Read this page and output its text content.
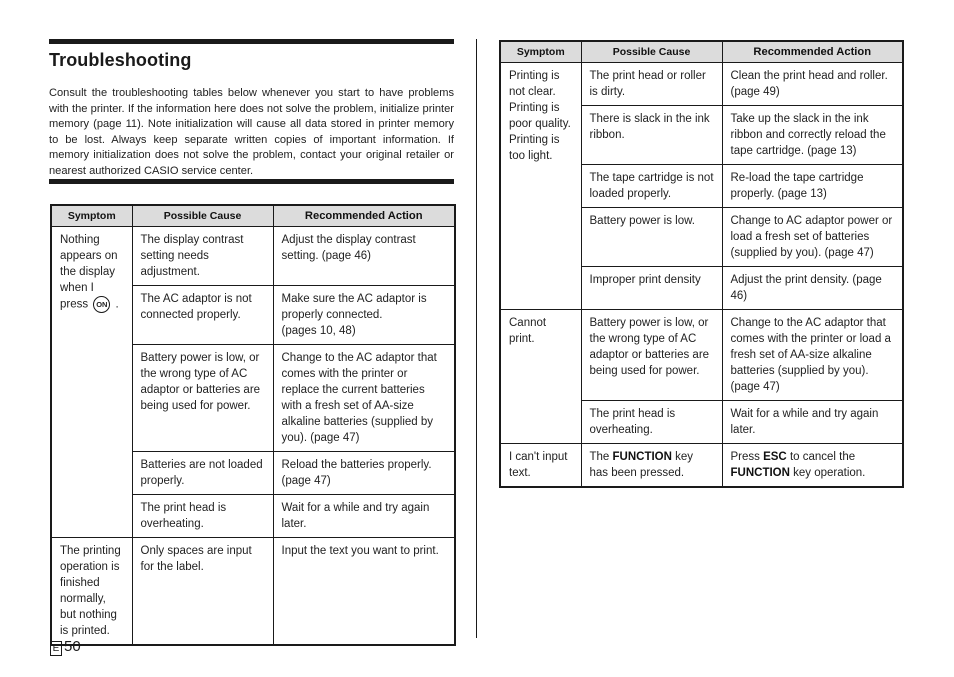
Troubleshooting

Consult the troubleshooting tables below whenever you start to have problems with the printer. If the information here does not solve the problem, initialize printer memory (page 11). Note initialization will cause all data stored in printer memory to be lost. Always keep separate written copies of important information. If memory initialization does not solve the problem, contact your original retailer or nearest authorized CASIO service center.

Symptom	Possible Cause	Recommended Action
Nothing appears on the display when I press ON .	The display contrast setting needs adjustment.	Adjust the display contrast setting. (page 46)
	The AC adaptor is not connected properly.	Make sure the AC adaptor is properly connected.
(pages 10, 48)
	Battery power is low, or the wrong type of AC adaptor or batteries are being used for power.	Change to the AC adaptor that comes with the printer or replace the current batteries with a fresh set of AA-size alkaline batteries (supplied by you). (page 47)
	Batteries are not loaded properly.	Reload the batteries properly. (page 47)
	The print head is overheating.	Wait for a while and try again later.
The printing operation is finished normally, but nothing is printed.	Only spaces are input for the label.	Input the text you want to print.
Symptom	Possible Cause	Recommended Action
Printing is not clear. Printing is poor quality. Printing is too light.	The print head or roller is dirty.	Clean the print head and roller. (page 49)
	There is slack in the ink ribbon.	Take up the slack in the ink ribbon and correctly reload the tape cartridge. (page 13)
	The tape cartridge is not loaded properly.	Re-load the tape cartridge properly. (page 13)
	Battery power is low.	Change to AC adaptor power or load a fresh set of batteries (supplied by you). (page 47)
	Improper print density	Adjust the print density. (page 46)
Cannot print.	Battery power is low, or the wrong type of AC adaptor or batteries are being used for power.	Change to the AC adaptor that comes with the printer or load a fresh set of AA-size alkaline batteries (supplied by you). (page 47)
	The print head is overheating.	Wait for a while and try again later.
I can't input text.	The FUNCTION key has been pressed.	Press ESC to cancel the FUNCTION key operation.
E 50
